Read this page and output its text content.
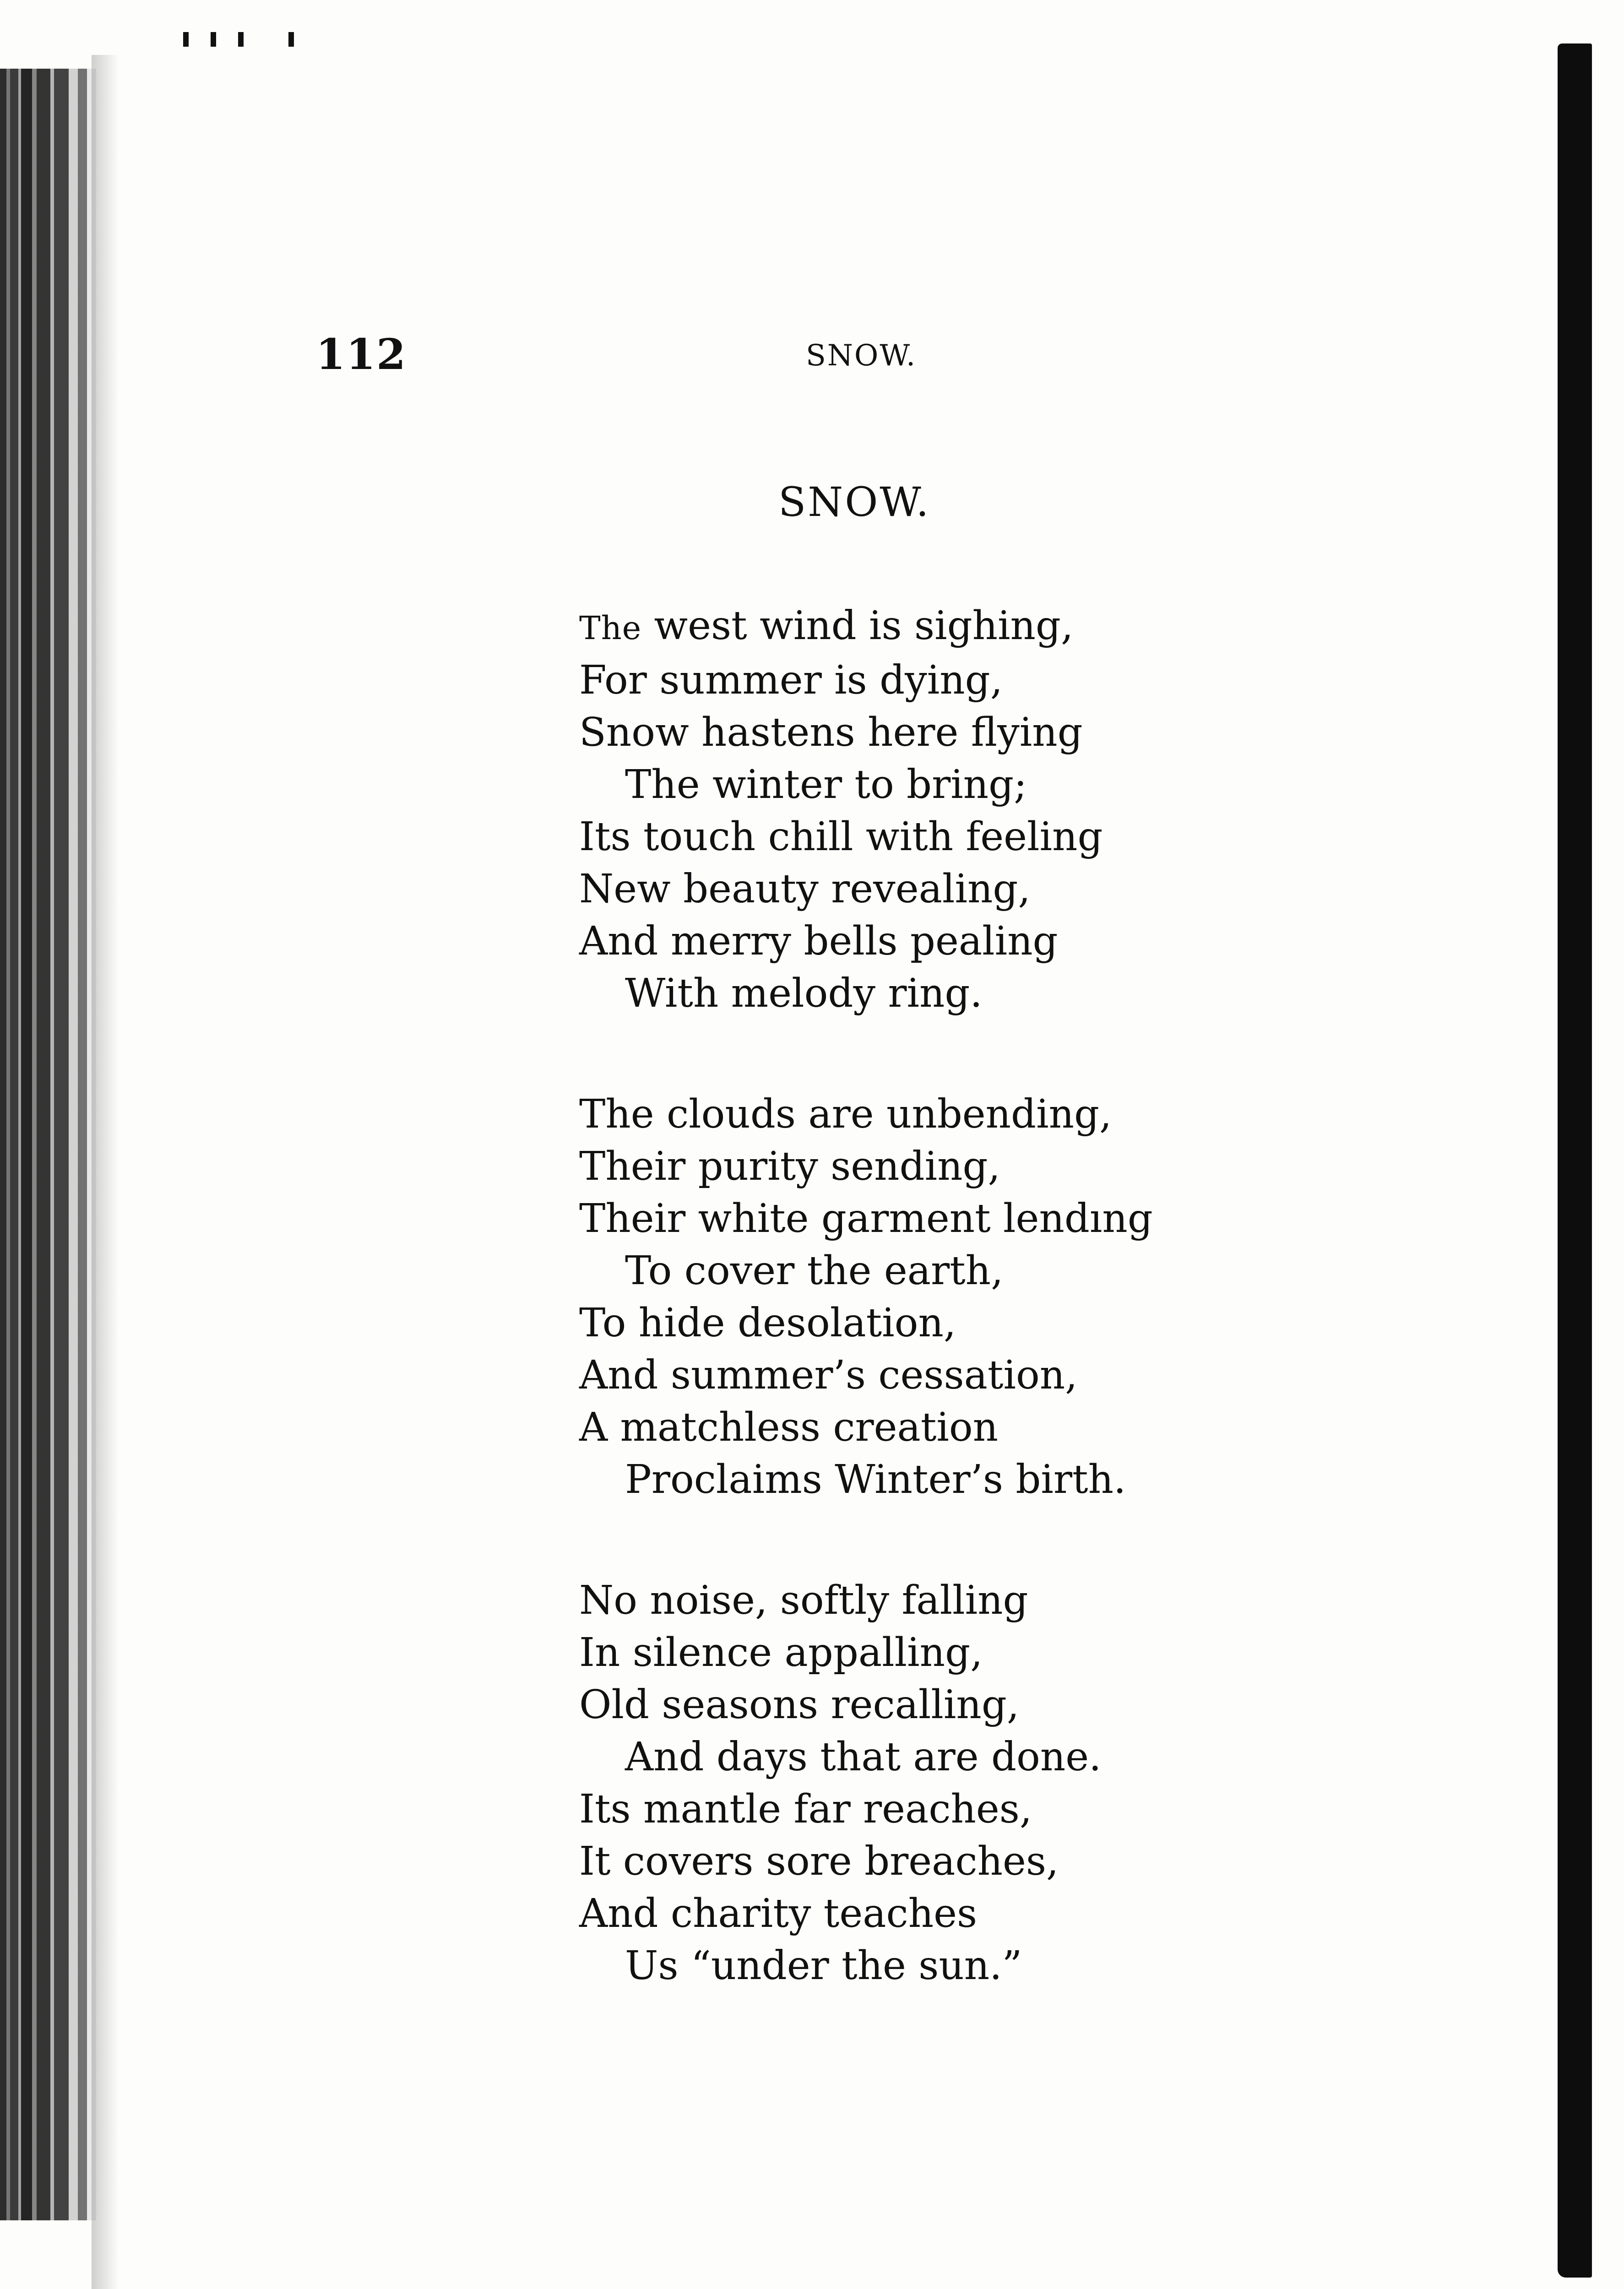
112	SNOW.
SNOW.
The west wind is sighing,
For summer is dying,
Snow hastens here flying
The winter to bring;
Its touch chill with feeling
New beauty revealing,
And merry bells pealing
With melody ring.
The clouds are unbending,
Their purity sending,
Their white garment lendıng
To cover the earth,
To hide desolation,
And summer’s cessation,
A matchless creation
Proclaims Winter’s birth.
No noise, softly falling
In silence appalling,
Old seasons recalling,
And days that are done.
Its mantle far reaches,
It covers sore breaches,
And charity teaches
Us “under the sun.”
